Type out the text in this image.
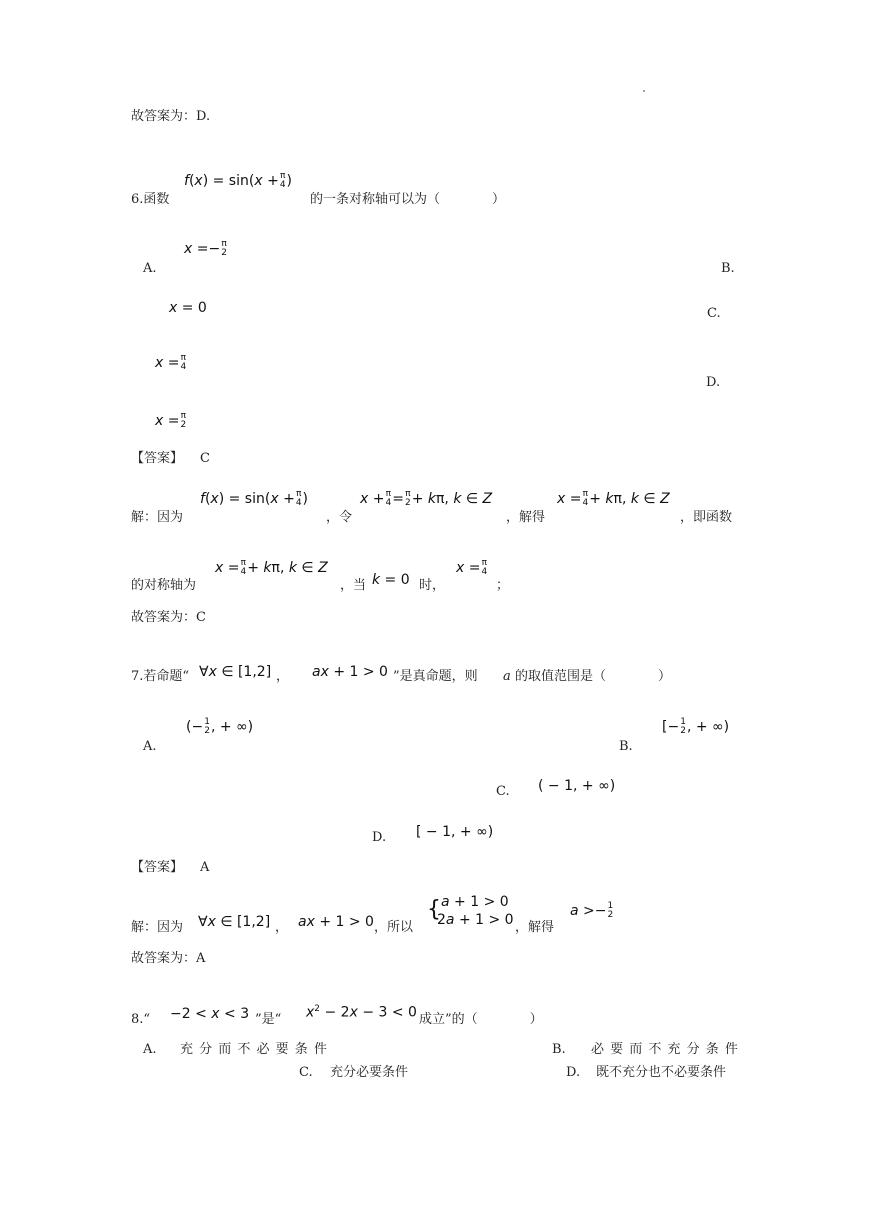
故答案为：D.
6.函数
f(x) = sin(x + π
4 )
的一条对称轴可以为（　　　　）
A.
x =− π
2
B.
x = 0	C.
x = π
4
D.
x = π
2
【答案】 C
解：因为
f(x) = sin(x + π
4 )
，令
x + π
4 = π
2 + kπ, k ∈ Z
，解得
x = π
4 + kπ, k ∈ Z
，即函数
的对称轴为
x = π
4 + kπ, k ∈ Z
，当 k = 0 时，
x = π
4
；
故答案为：C
7.若命题“ ∀x ∈ [1,2] ， ax + 1 > 0 ”是真命题，则 a 的取值范围是（　　　　）
A.
(− 1
2 , + ∞)
B.
[− 1
2 , + ∞)
C. ( − 1, + ∞)
D. [ − 1, + ∞)
【答案】 A
解：因为 ∀x ∈ [1,2] ， ax + 1 > 0 ，所以
{ a + 1 > 0
2a + 1 > 0 ，解得
a >− 1
2
故答案为：A
8.“ −2 < x < 3 ”是“ $x^2 - 2x - 3 < 0$ 成立”的（　　　　）
A. 充 分 而 不 必 要 条 件	B. 必 要 而 不 充 分 条 件
C. 充分必要条件	D. 既不充分也不必要条件
